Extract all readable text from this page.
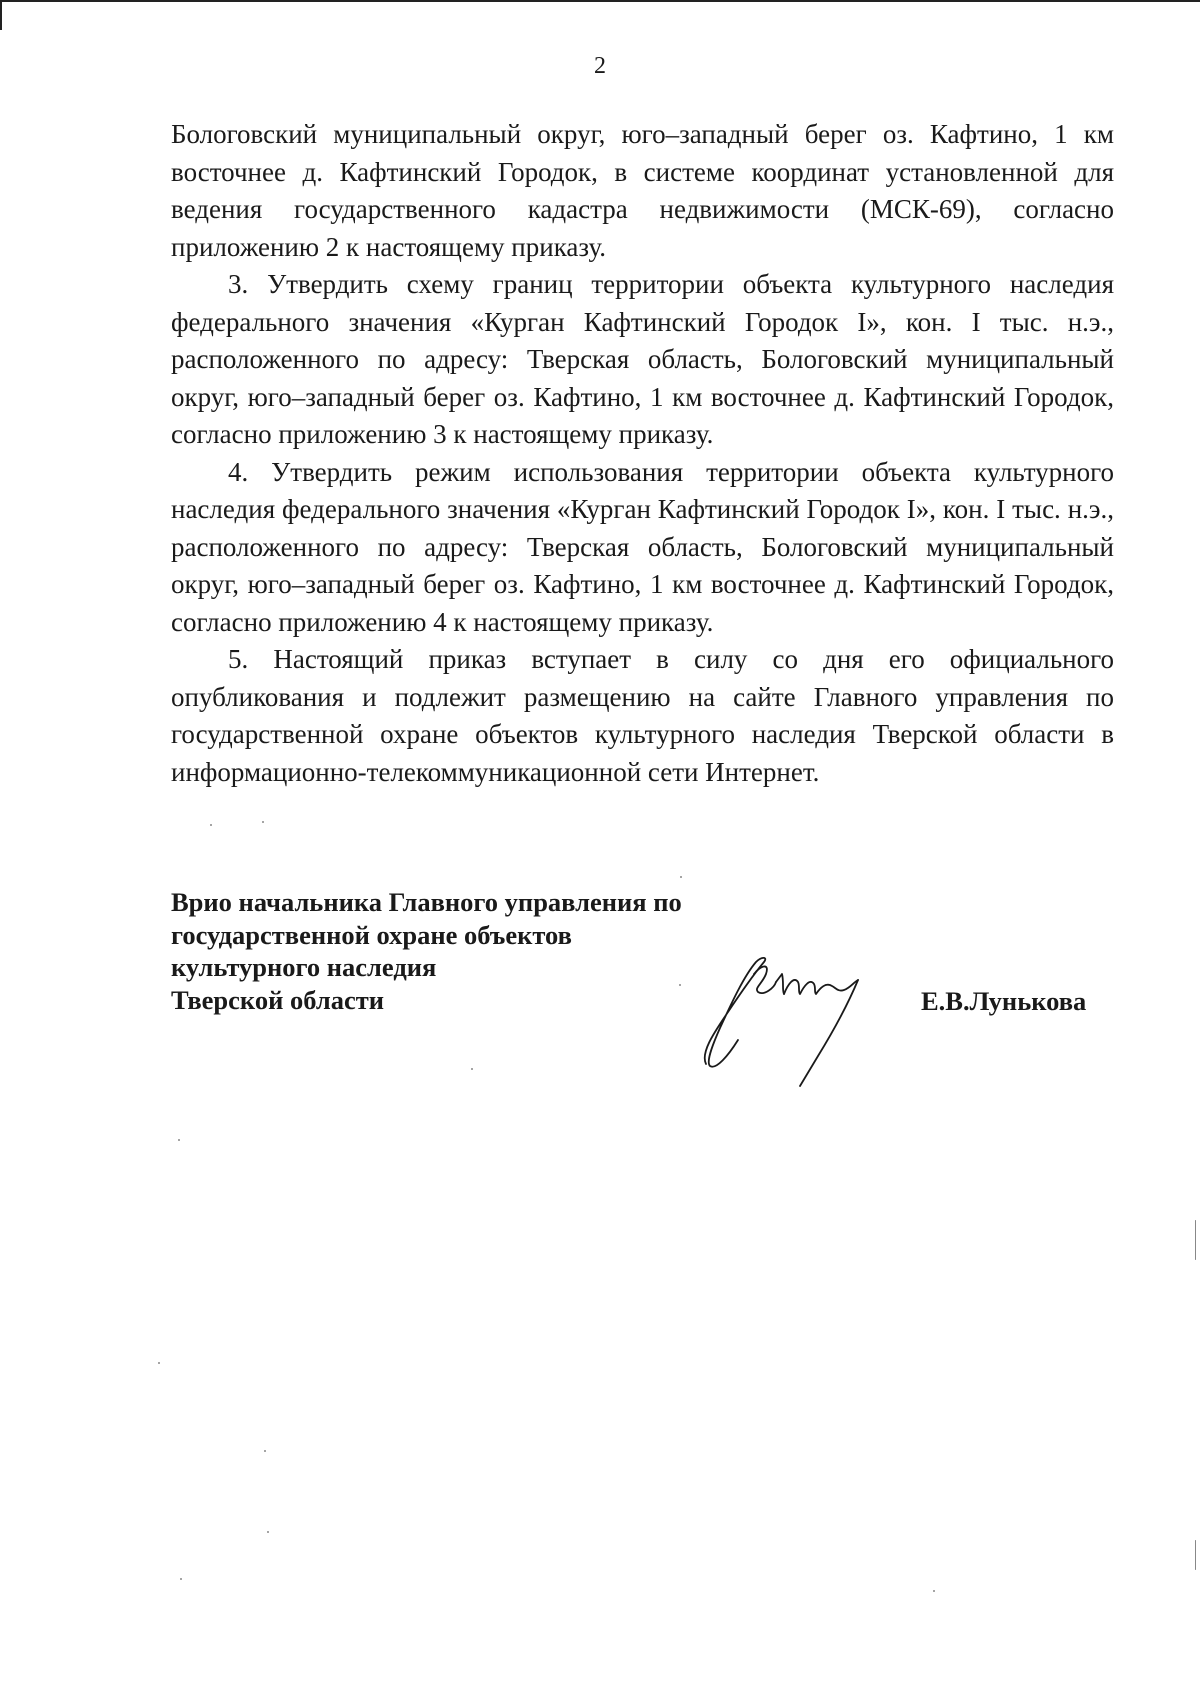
2

Бологовский муниципальный округ, юго–западный берег оз. Кафтино, 1 км восточнее д. Кафтинский Городок, в системе координат установленной для ведения государственного кадастра недвижимости (МСК-69), согласно приложению 2 к настоящему приказу.

3. Утвердить схему границ территории объекта культурного наследия федерального значения «Курган Кафтинский Городок I», кон. I тыс. н.э., расположенного по адресу: Тверская область, Бологовский муниципальный округ, юго–западный берег оз. Кафтино, 1 км восточнее д. Кафтинский Городок, согласно приложению 3 к настоящему приказу.

4. Утвердить режим использования территории объекта культурного наследия федерального значения «Курган Кафтинский Городок I», кон. I тыс. н.э., расположенного по адресу: Тверская область, Бологовский муниципальный округ, юго–западный берег оз. Кафтино, 1 км восточнее д. Кафтинский Городок, согласно приложению 4 к настоящему приказу.

5. Настоящий приказ вступает в силу со дня его официального опубликования и подлежит размещению на сайте Главного управления по государственной охране объектов культурного наследия Тверской области в информационно-телекоммуникационной сети Интернет.

Врио начальника Главного управления по
государственной охране объектов
культурного наследия
Тверской области	Е.В.Лунькова
